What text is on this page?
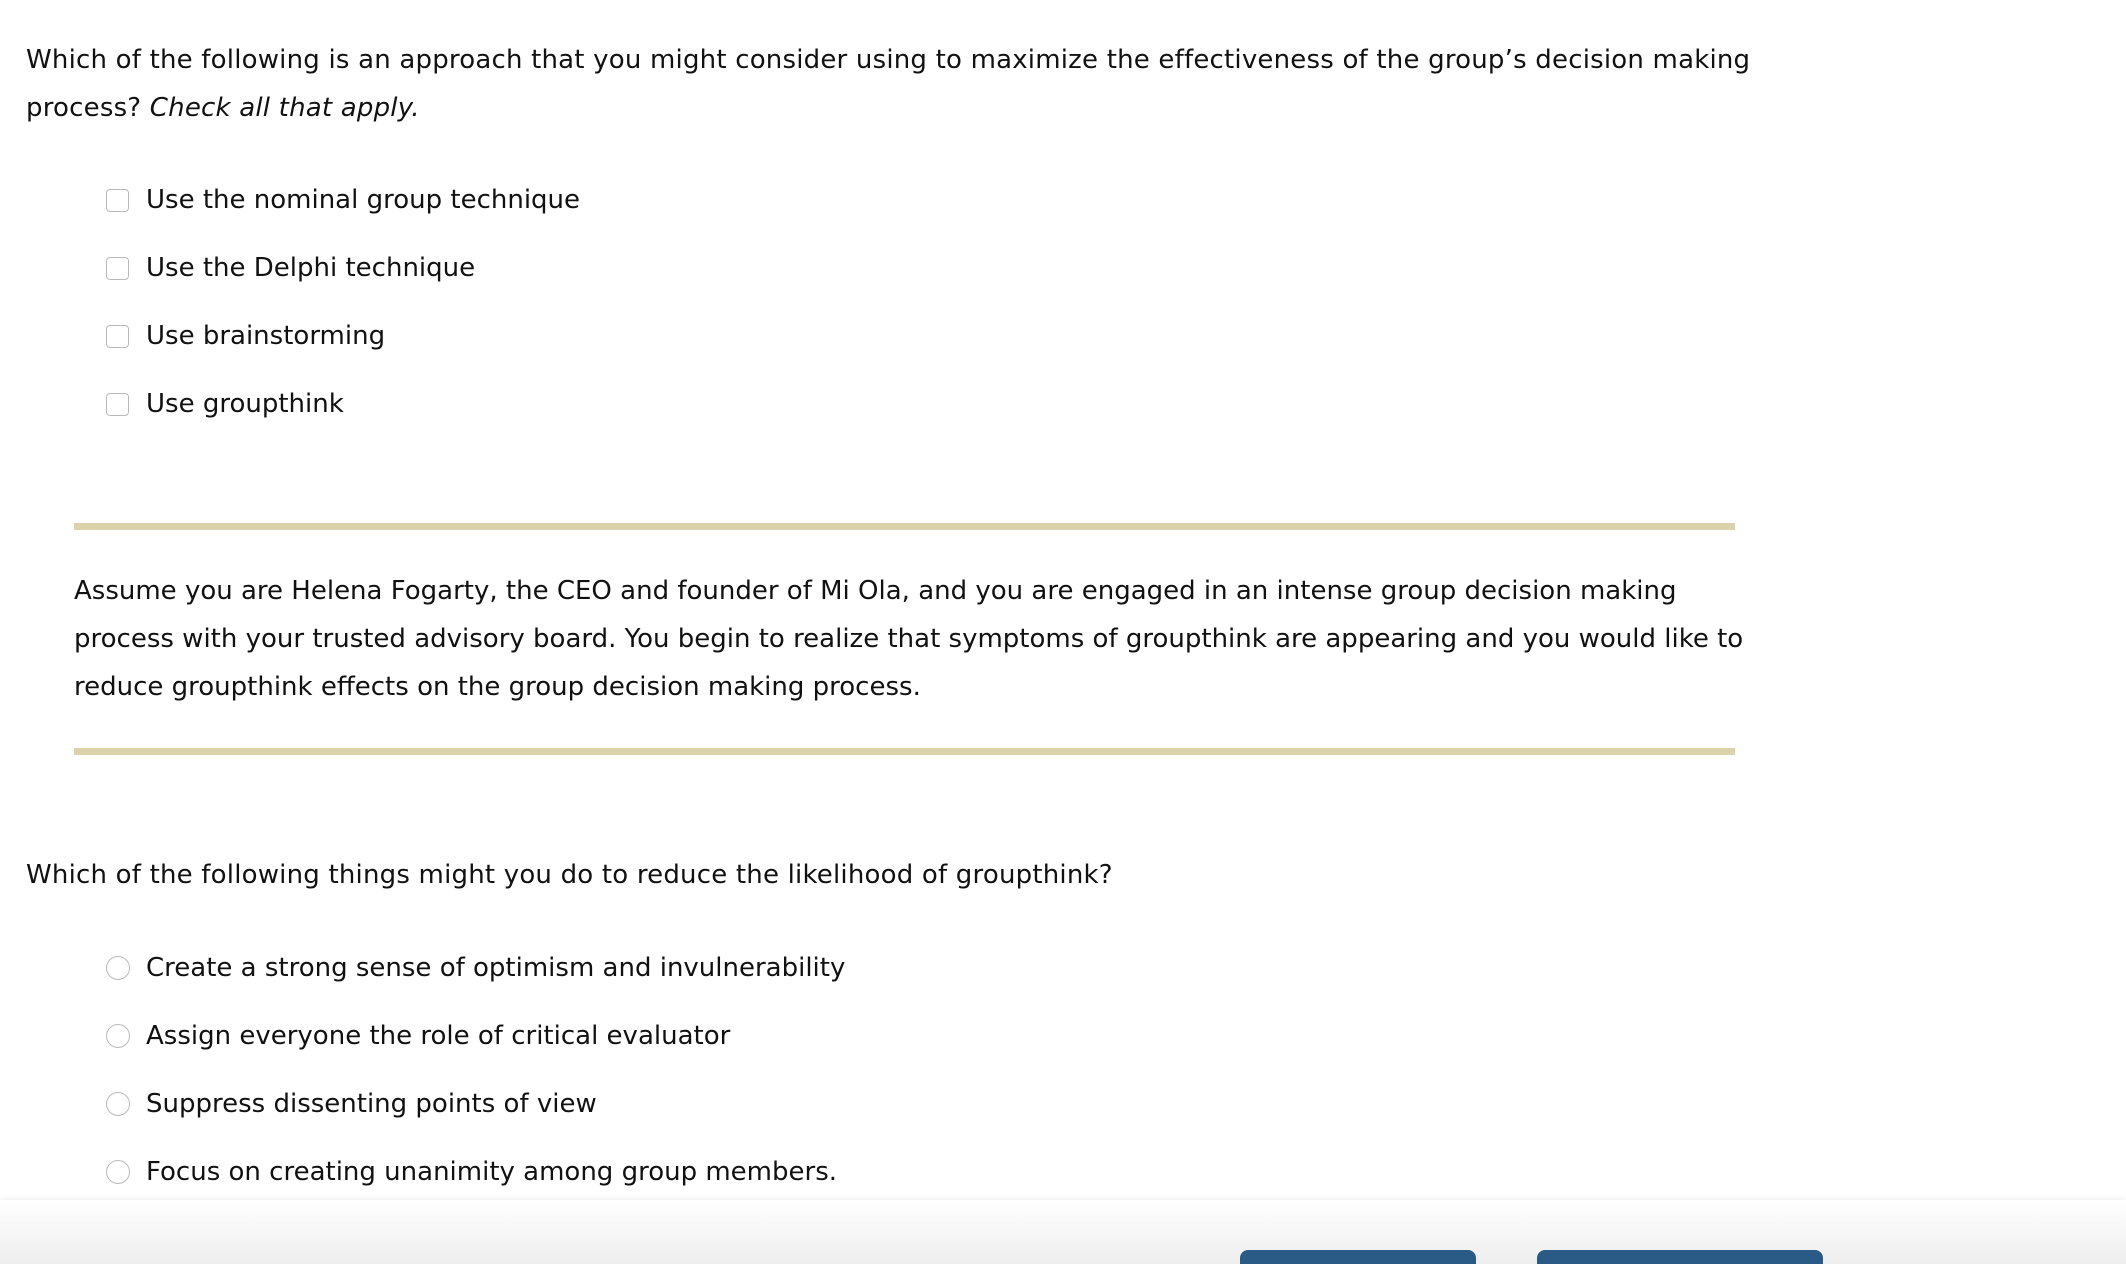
Which of the following is an approach that you might consider using to maximize the effectiveness of the group’s decision making process? Check all that apply.
Use the nominal group technique
Use the Delphi technique
Use brainstorming
Use groupthink
Assume you are Helena Fogarty, the CEO and founder of Mi Ola, and you are engaged in an intense group decision making process with your trusted advisory board. You begin to realize that symptoms of groupthink are appearing and you would like to reduce groupthink effects on the group decision making process.
Which of the following things might you do to reduce the likelihood of groupthink?
Create a strong sense of optimism and invulnerability
Assign everyone the role of critical evaluator
Suppress dissenting points of view
Focus on creating unanimity among group members.
